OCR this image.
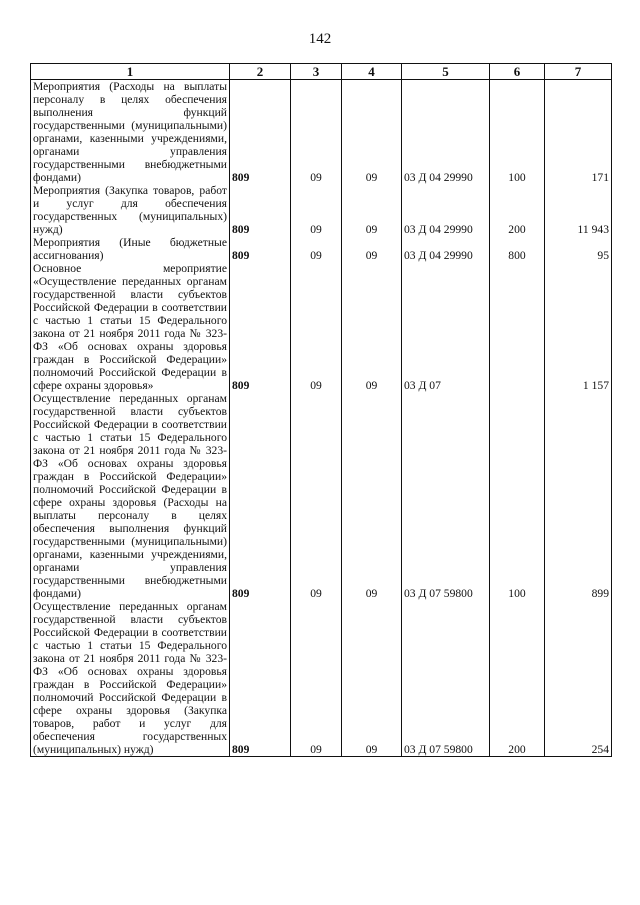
142
1	2	3	4	5	6	7
Мероприятия (Расходы на выплаты персоналу в целях обеспечения выполнения функций государственными (муниципальными) органами, казенными учреждениями, органами управления государственными внебюджетными фондами)	809	09	09	03 Д 04 29990	100	171
Мероприятия (Закупка товаров, работ и услуг для обеспечения государственных (муниципальных) нужд)	809	09	09	03 Д 04 29990	200	11 943
Мероприятия (Иные бюджетные ассигнования)	809	09	09	03 Д 04 29990	800	95
Основное мероприятие «Осуществление переданных органам государственной власти субъектов Российской Федерации в соответствии с частью 1 статьи 15 Федерального закона от 21 ноября 2011 года № 323-ФЗ «Об основах охраны здоровья граждан в Российской Федерации» полномочий Российской Федерации в сфере охраны здоровья»	809	09	09	03 Д 07		1 157
Осуществление переданных органам государственной власти субъектов Российской Федерации в соответствии с частью 1 статьи 15 Федерального закона от 21 ноября 2011 года № 323-ФЗ «Об основах охраны здоровья граждан в Российской Федерации» полномочий Российской Федерации в сфере охраны здоровья (Расходы на выплаты персоналу в целях обеспечения выполнения функций государственными (муниципальными) органами, казенными учреждениями, органами управления государственными внебюджетными фондами)	809	09	09	03 Д 07 59800	100	899
Осуществление переданных органам государственной власти субъектов Российской Федерации в соответствии с частью 1 статьи 15 Федерального закона от 21 ноября 2011 года № 323-ФЗ «Об основах охраны здоровья граждан в Российской Федерации» полномочий Российской Федерации в сфере охраны здоровья (Закупка товаров, работ и услуг для обеспечения государственных (муниципальных) нужд)	809	09	09	03 Д 07 59800	200	254
